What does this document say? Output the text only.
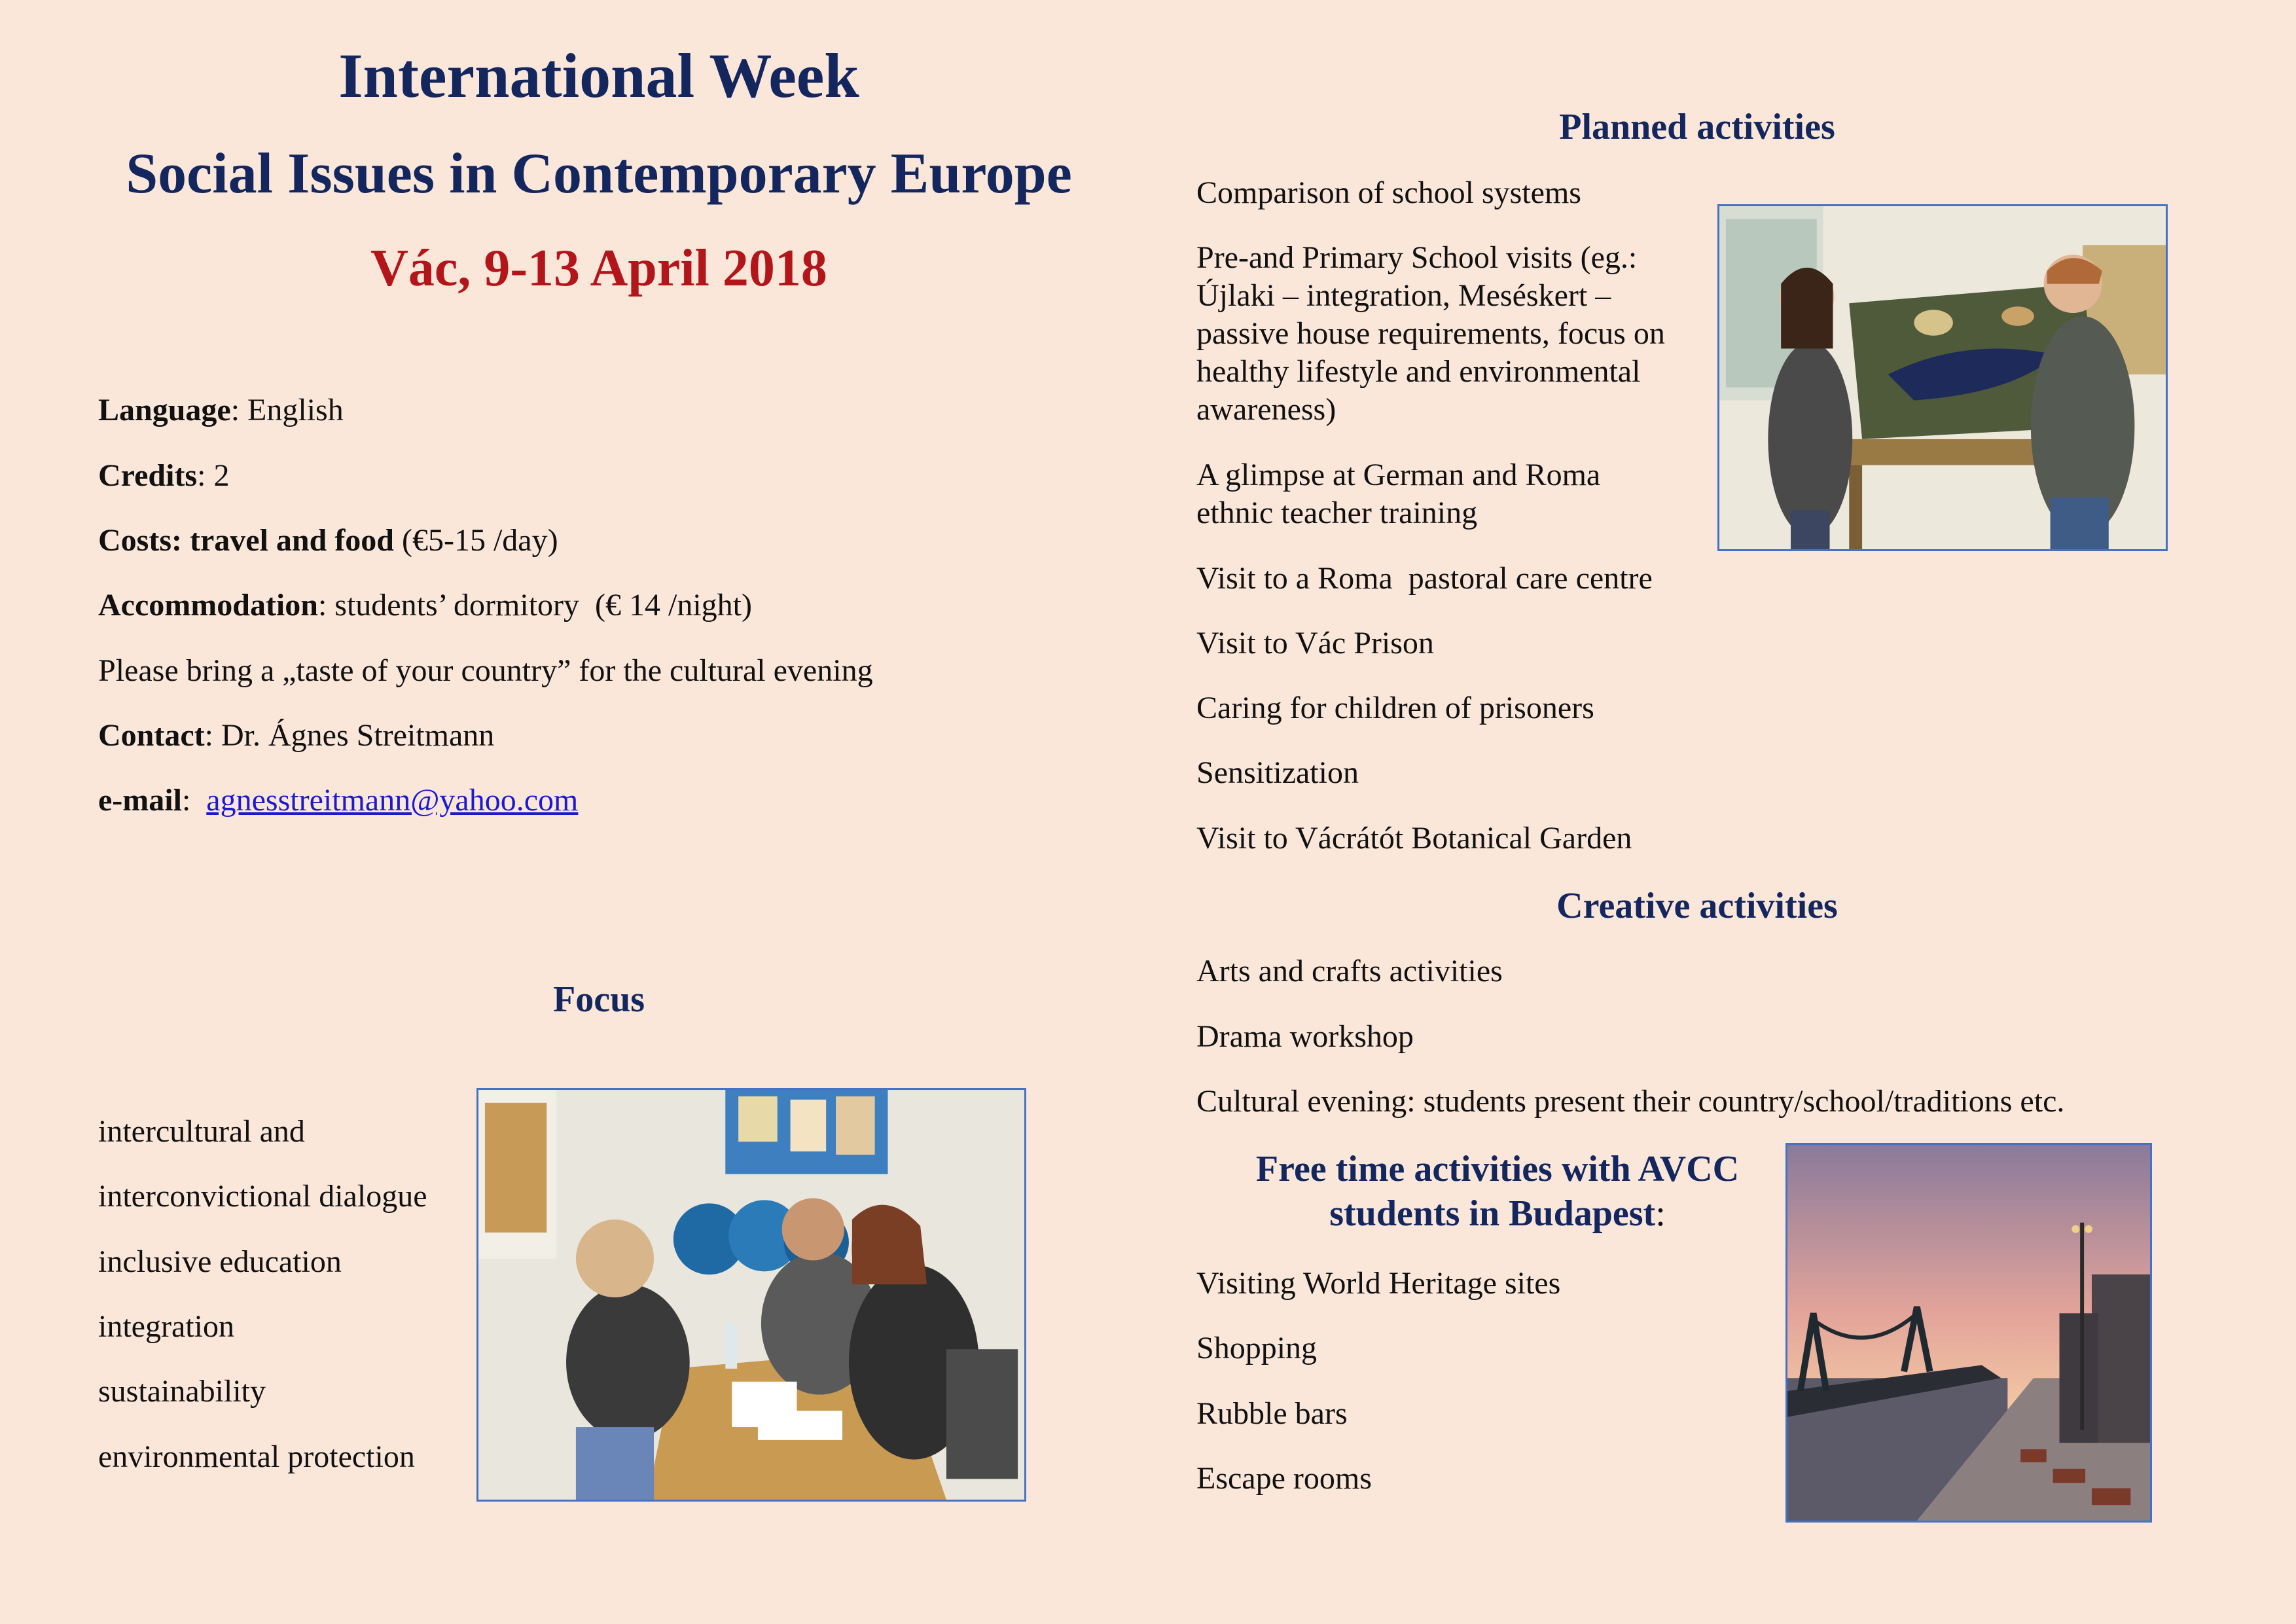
International Week
Social Issues in Contemporary Europe
Vác, 9-13 April 2018
Language: English
Credits: 2
Costs: travel and food (€5-15 /day)
Accommodation: students’ dormitory  (€ 14 /night)
Please bring a „taste of your country” for the cultural evening
Contact: Dr. Ágnes Streitmann
e-mail:  agnesstreitmann@yahoo.com
Focus
intercultural and
interconvictional dialogue
inclusive education
integration
sustainability
environmental protection
Planned activities
Comparison of school systems
Pre-and Primary School visits (eg.:
Újlaki – integration, Meséskert –
passive house requirements, focus on
healthy lifestyle and environmental
awareness)
A glimpse at German and Roma
ethnic teacher training
Visit to a Roma  pastoral care centre
Visit to Vác Prison
Caring for children of prisoners
Sensitization
Visit to Vácrátót Botanical Garden
Creative activities
Arts and crafts activities
Drama workshop
Cultural evening: students present their country/school/traditions etc.
Free time activities with AVCC
students in Budapest:
Visiting World Heritage sites
Shopping
Rubble bars
Escape rooms
